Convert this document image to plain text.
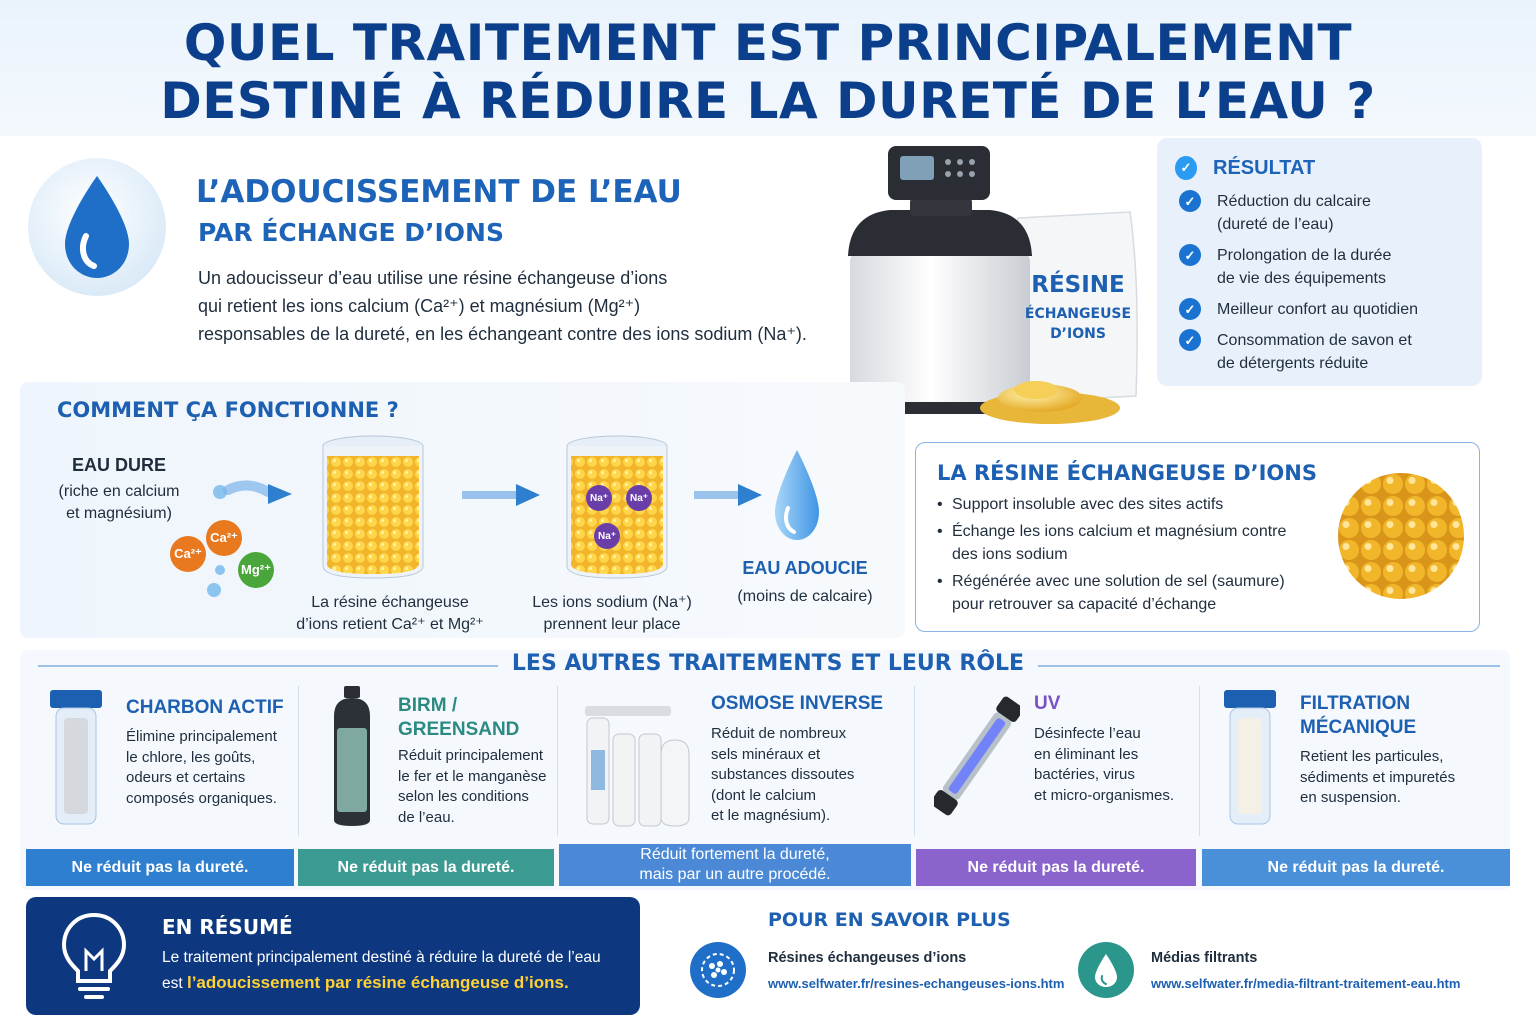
QUEL TRAITEMENT EST PRINCIPALEMENT
DESTINÉ À RÉDUIRE LA DURETÉ DE L’EAU ?
L’ADOUCISSEMENT DE L’EAU
PAR ÉCHANGE D’IONS
Un adoucisseur d’eau utilise une résine échangeuse d’ions
qui retient les ions calcium (Ca²⁺) et magnésium (Mg²⁺)
responsables de la dureté, en les échangeant contre des ions sodium (Na⁺).
RÉSINE
ÉCHANGEUSE
D’IONS
✓ RÉSULTAT
✓	Réduction du calcaire
(dureté de l’eau)
✓	Prolongation de la durée
de vie des équipements
✓	Meilleur confort au quotidien
✓	Consommation de savon et
de détergents réduite
COMMENT ÇA FONCTIONNE ?
EAU DURE
(riche en calcium
et magnésium)
Ca²⁺
Ca²⁺
Mg²⁺
Na⁺	Na⁺
Na⁺
La résine échangeuse
d’ions retient Ca²⁺ et Mg²⁺
Les ions sodium (Na⁺)
prennent leur place
EAU ADOUCIE
(moins de calcaire)
LA RÉSINE ÉCHANGEUSE D’IONS
• Support insoluble avec des sites actifs
• Échange les ions calcium et magnésium contre
des ions sodium
• Régénérée avec une solution de sel (saumure)
pour retrouver sa capacité d’échange
LES AUTRES TRAITEMENTS ET LEUR RÔLE
CHARBON ACTIF
Élimine principalement
le chlore, les goûts,
odeurs et certains
composés organiques.
Ne réduit pas la dureté.
BIRM /
GREENSAND
Réduit principalement
le fer et le manganèse
selon les conditions
de l’eau.
Ne réduit pas la dureté.
OSMOSE INVERSE
Réduit de nombreux
sels minéraux et
substances dissoutes
(dont le calcium
et le magnésium).
Réduit fortement la dureté,
mais par un autre procédé.
UV
Désinfecte l’eau
en éliminant les
bactéries, virus
et micro-organismes.
Ne réduit pas la dureté.
FILTRATION
MÉCANIQUE
Retient les particules,
sédiments et impuretés
en suspension.
Ne réduit pas la dureté.
EN RÉSUMÉ
Le traitement principalement destiné à réduire la dureté de l’eau
est l’adoucissement par résine échangeuse d’ions.
POUR EN SAVOIR PLUS
Résines échangeuses d’ions
www.selfwater.fr/resines-echangeuses-ions.htm
Médias filtrants
www.selfwater.fr/media-filtrant-traitement-eau.htm
